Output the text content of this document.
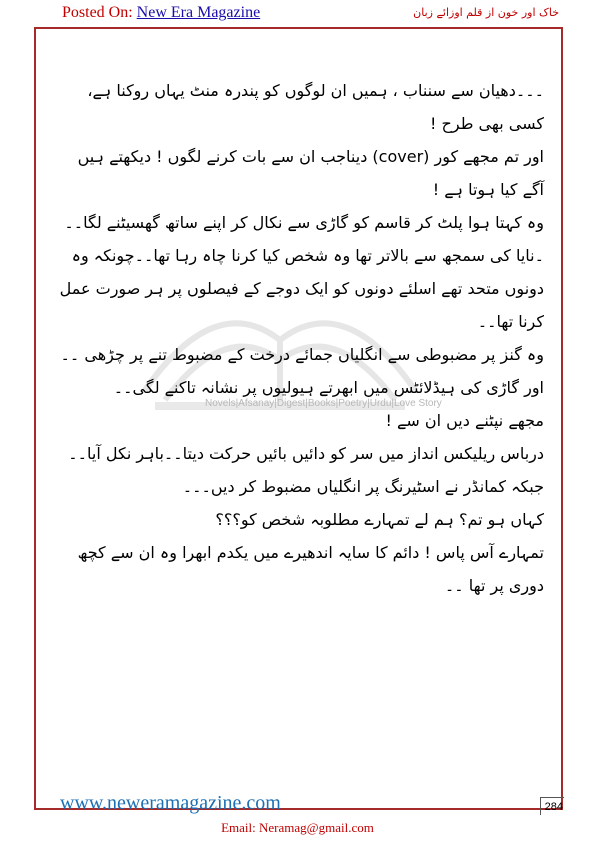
Posted On: New Era Magazine	خاک اور خون از قلم اوزائے زبان
Novels|Afsanay|Digest|Books|Poetry|Urdu|Love Story

۔۔۔دھیان سے سنناب ، ہمیں ان لوگوں کو پندرہ منٹ یہاں روکنا ہے، کسی بھی طرح !

اور تم مجھے کور (cover) دیناجب ان سے بات کرنے لگوں ! دیکھتے ہیں آگے کیا ہوتا ہے !

وہ کہتا ہوا پلٹ کر قاسم کو گاڑی سے نکال کر اپنے ساتھ گھسیٹنے لگا۔۔

۔نایا کی سمجھ سے بالاتر تھا وہ شخص کیا کرنا چاہ رہا تھا۔۔چونکہ وہ دونوں متحد تھے اسلئے دونوں کو ایک دوجے کے فیصلوں پر ہر صورت عمل کرنا تھا۔۔

وہ گنز پر مضبوطی سے انگلیاں جمائے درخت کے مضبوط تنے پر چڑھی ۔۔اور گاڑی کی ہیڈلائٹس میں ابھرتے ہیولیوں پر نشانہ تاکنے لگی۔۔

مجھے نپٹنے دیں ان سے !

درباس ریلیکس انداز میں سر کو دائیں بائیں حرکت دیتا۔۔باہر نکل آیا۔۔جبکہ کمانڈر نے اسٹیرنگ پر انگلیاں مضبوط کر دیں۔۔۔

کہاں ہو تم؟ ہم لے تمہارے مطلوبہ شخص کو؟؟؟

تمہارے آس پاس ! دائم کا سایہ اندھیرے میں یکدم ابھرا وہ ان سے کچھ دوری پر تھا ۔۔

www.neweramagazine.com	284
Email: Neramag@gmail.com
